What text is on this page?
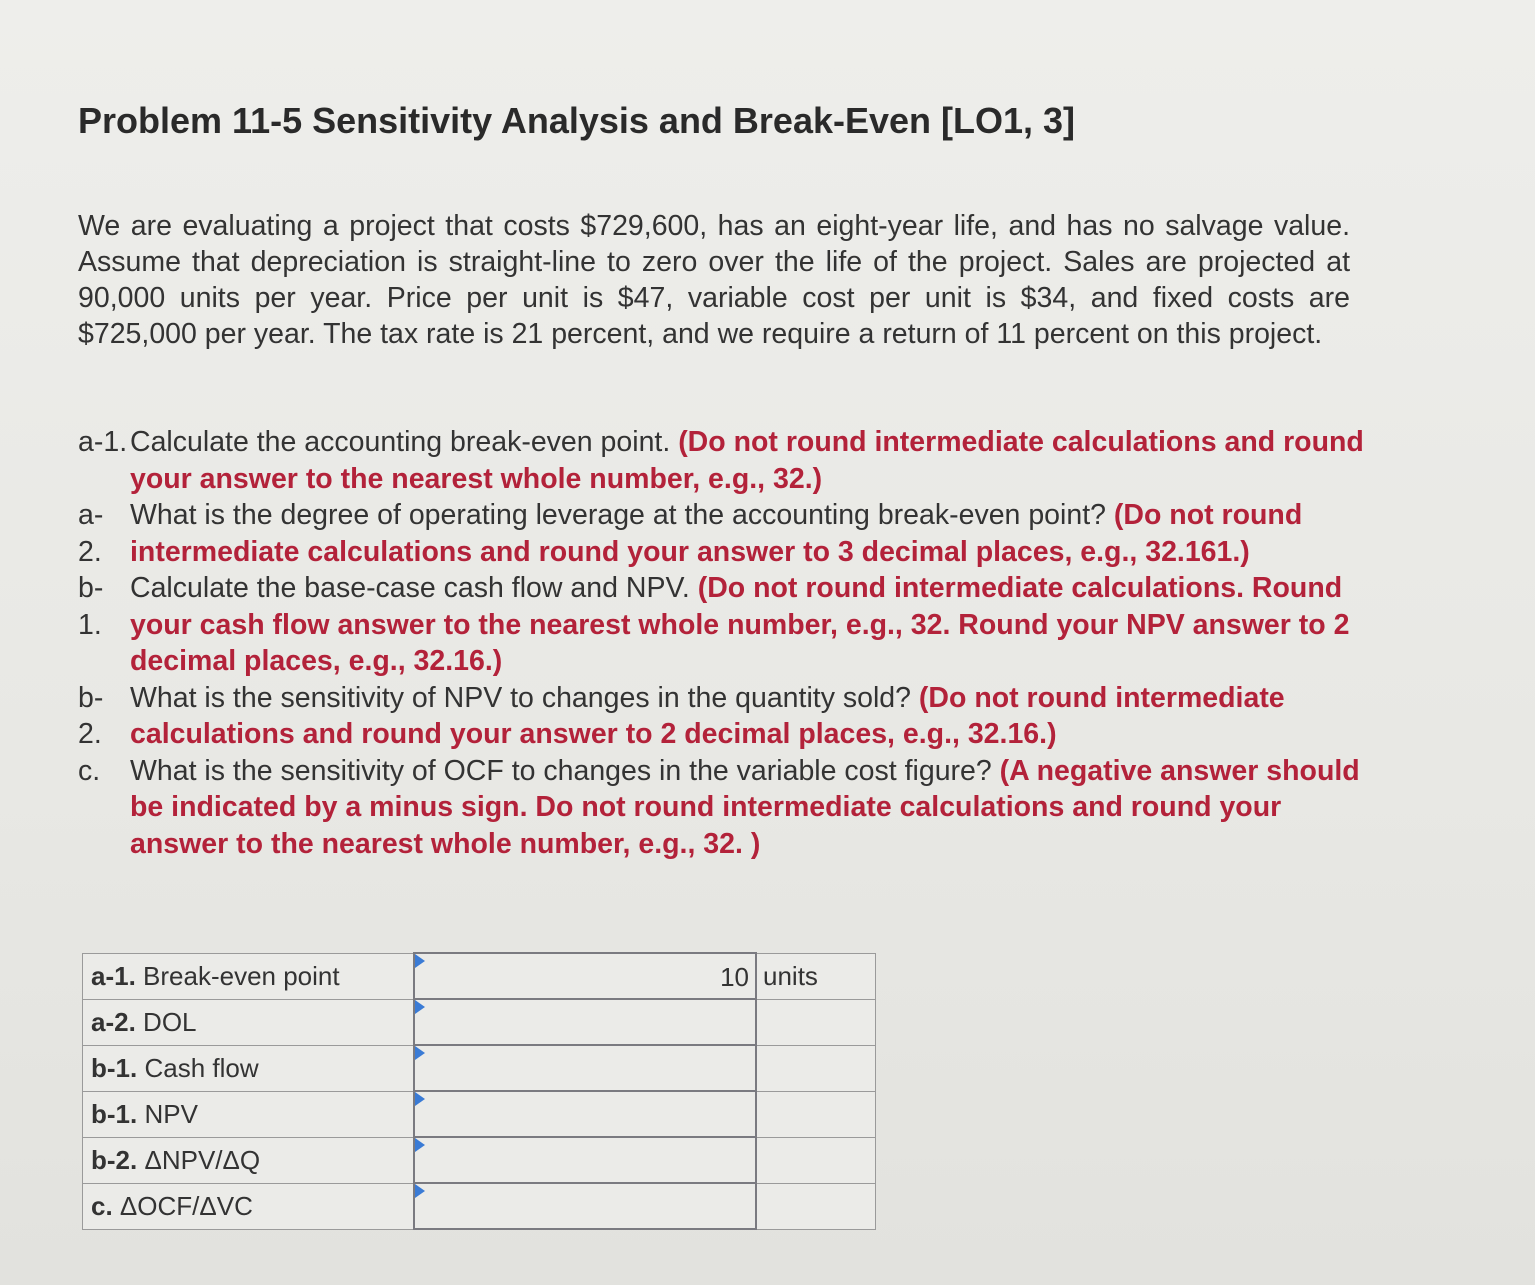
Problem 11-5 Sensitivity Analysis and Break-Even [LO1, 3]
We are evaluating a project that costs $729,600, has an eight-year life, and has no salvage value. Assume that depreciation is straight-line to zero over the life of the project. Sales are projected at 90,000 units per year. Price per unit is $47, variable cost per unit is $34, and fixed costs are $725,000 per year. The tax rate is 21 percent, and we require a return of 11 percent on this project.
a-1. Calculate the accounting break-even point. (Do not round intermediate calculations and round your answer to the nearest whole number, e.g., 32.)
a-
2.
What is the degree of operating leverage at the accounting break-even point? (Do not round intermediate calculations and round your answer to 3 decimal places, e.g., 32.161.)
b-
1.
Calculate the base-case cash flow and NPV. (Do not round intermediate calculations. Round your cash flow answer to the nearest whole number, e.g., 32. Round your NPV answer to 2 decimal places, e.g., 32.16.)
b-
2.
What is the sensitivity of NPV to changes in the quantity sold? (Do not round intermediate calculations and round your answer to 2 decimal places, e.g., 32.16.)
c.	What is the sensitivity of OCF to changes in the variable cost figure? (A negative answer should be indicated by a minus sign. Do not round intermediate calculations and round your answer to the nearest whole number, e.g., 32. )
a-1. Break-even point	10	units
a-2. DOL	

b-1. Cash flow	

b-1. NPV	

b-2. ΔNPV/ΔQ	

c. ΔOCF/ΔVC	
